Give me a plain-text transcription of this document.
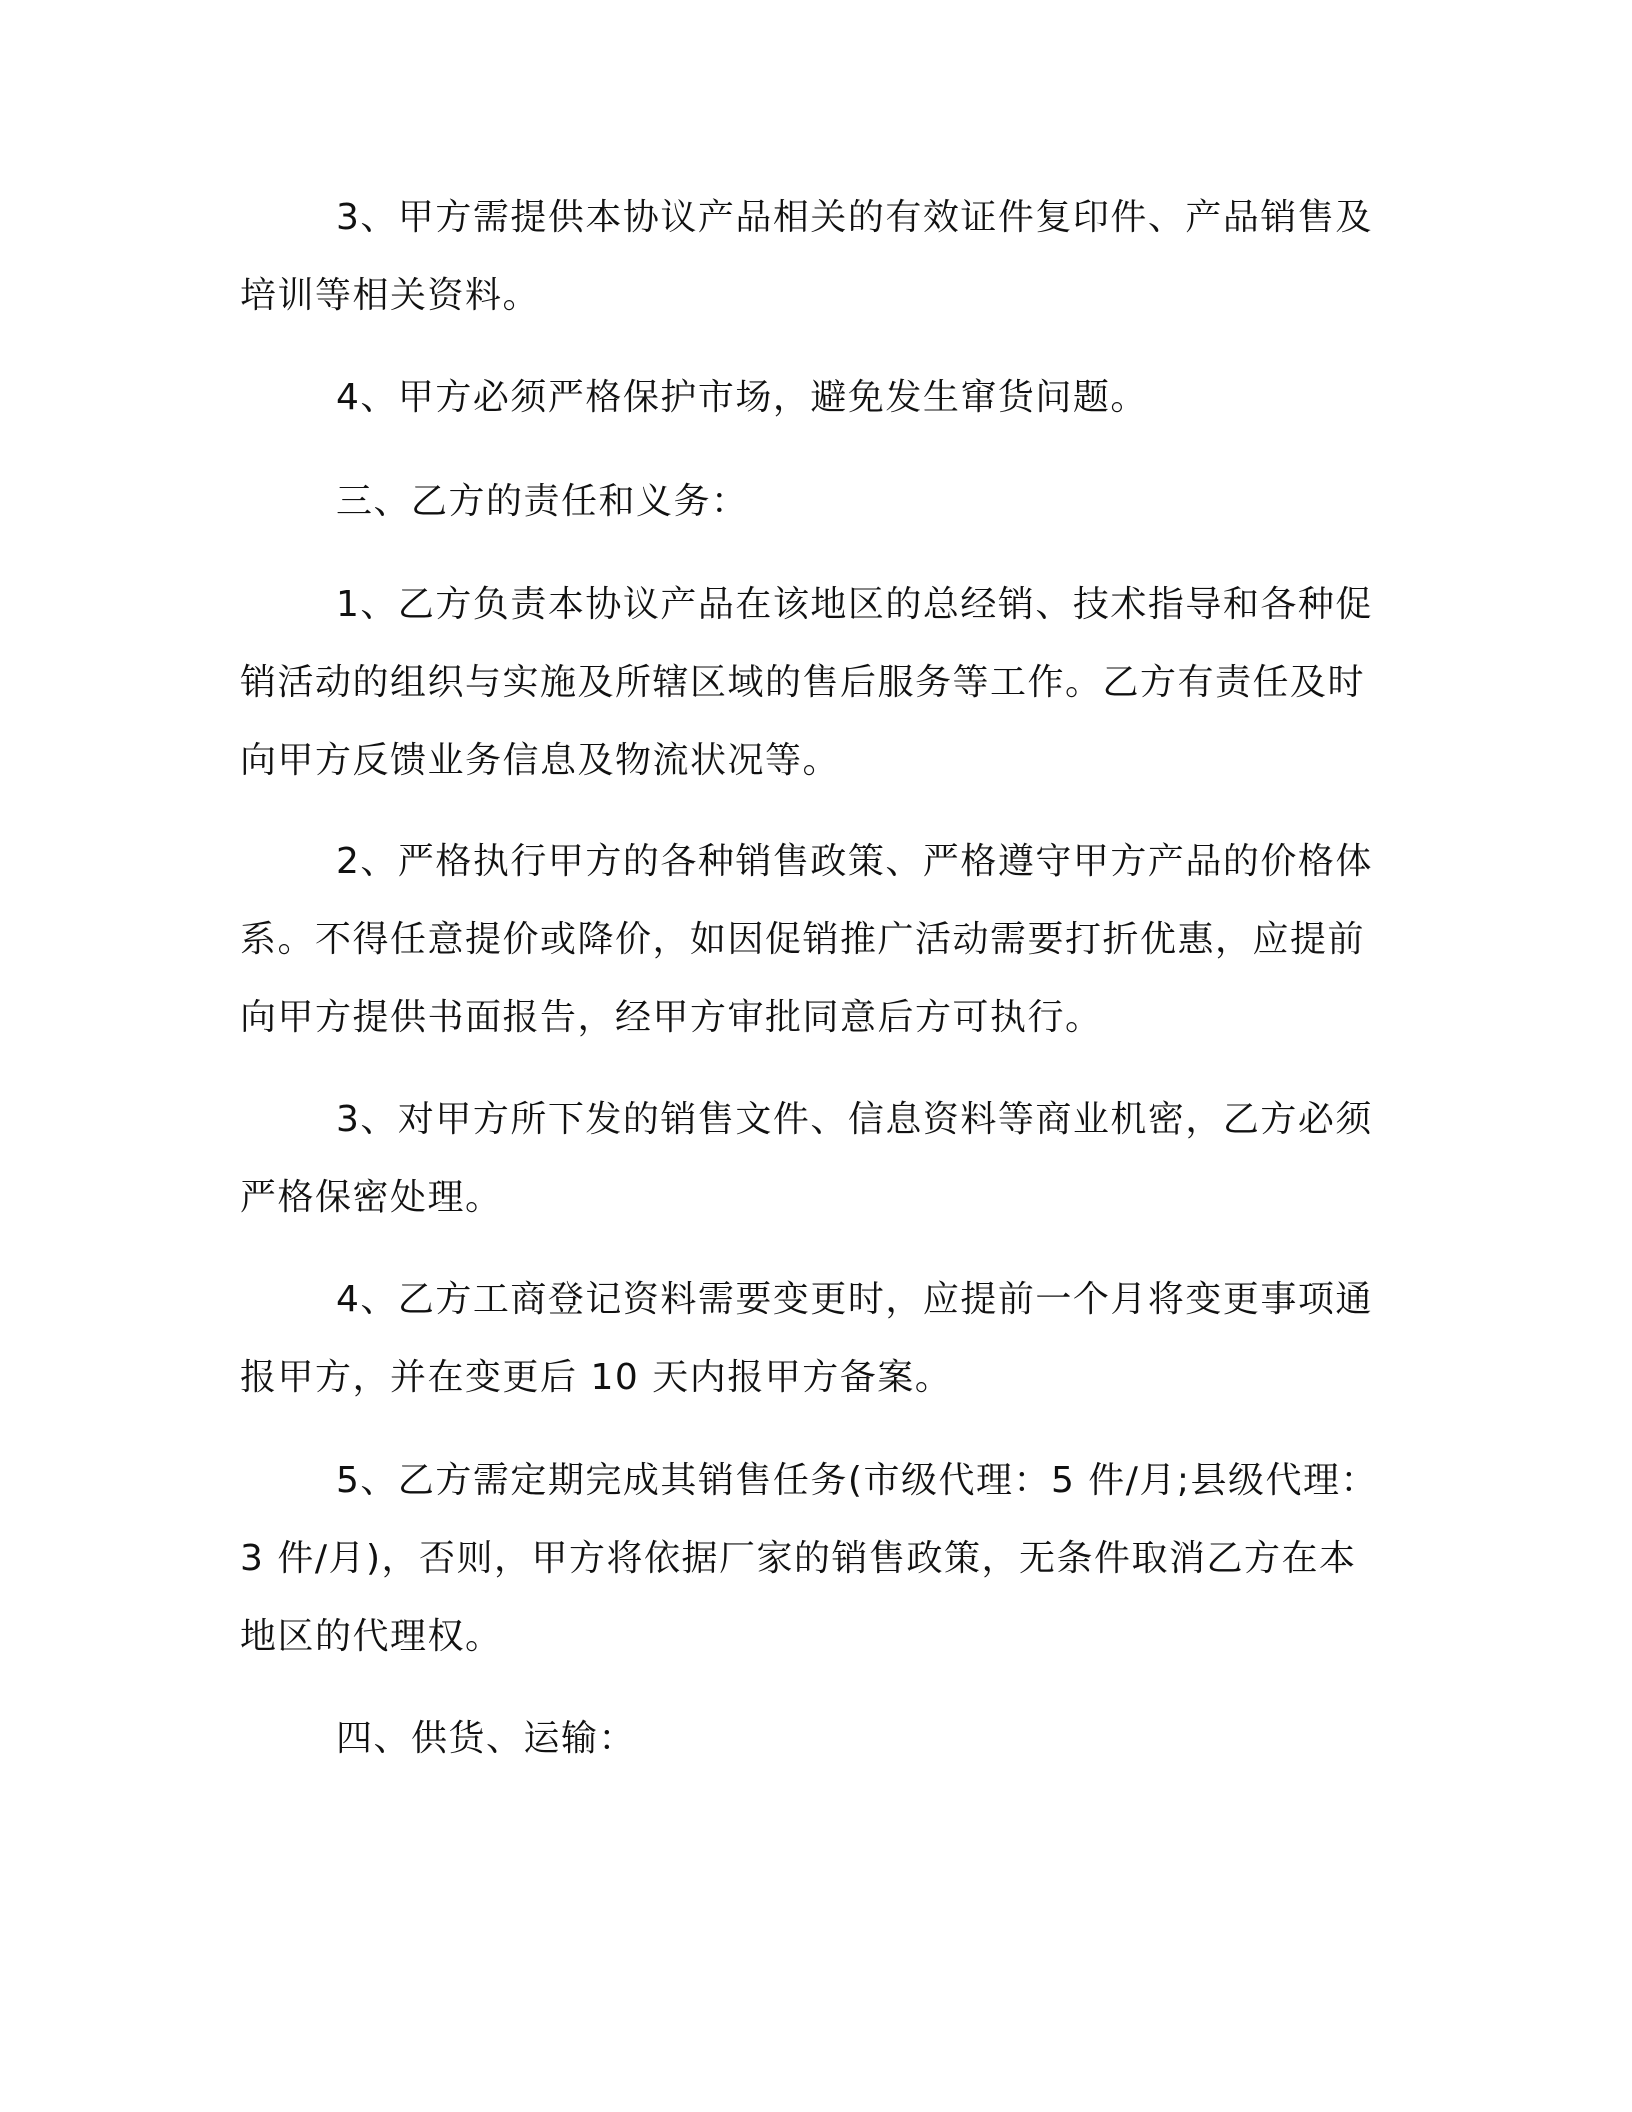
3、甲方需提供本协议产品相关的有效证件复印件、产品销售及培训等相关资料。

4、甲方必须严格保护市场，避免发生窜货问题。

三、乙方的责任和义务：

1、乙方负责本协议产品在该地区的总经销、技术指导和各种促销活动的组织与实施及所辖区域的售后服务等工作。乙方有责任及时向甲方反馈业务信息及物流状况等。

2、严格执行甲方的各种销售政策、严格遵守甲方产品的价格体系。不得任意提价或降价，如因促销推广活动需要打折优惠，应提前向甲方提供书面报告，经甲方审批同意后方可执行。

3、对甲方所下发的销售文件、信息资料等商业机密，乙方必须严格保密处理。

4、乙方工商登记资料需要变更时，应提前一个月将变更事项通报甲方，并在变更后 10 天内报甲方备案。

5、乙方需定期完成其销售任务(市级代理：5 件/月;县级代理：3 件/月)，否则，甲方将依据厂家的销售政策，无条件取消乙方在本地区的代理权。

四、供货、运输：
